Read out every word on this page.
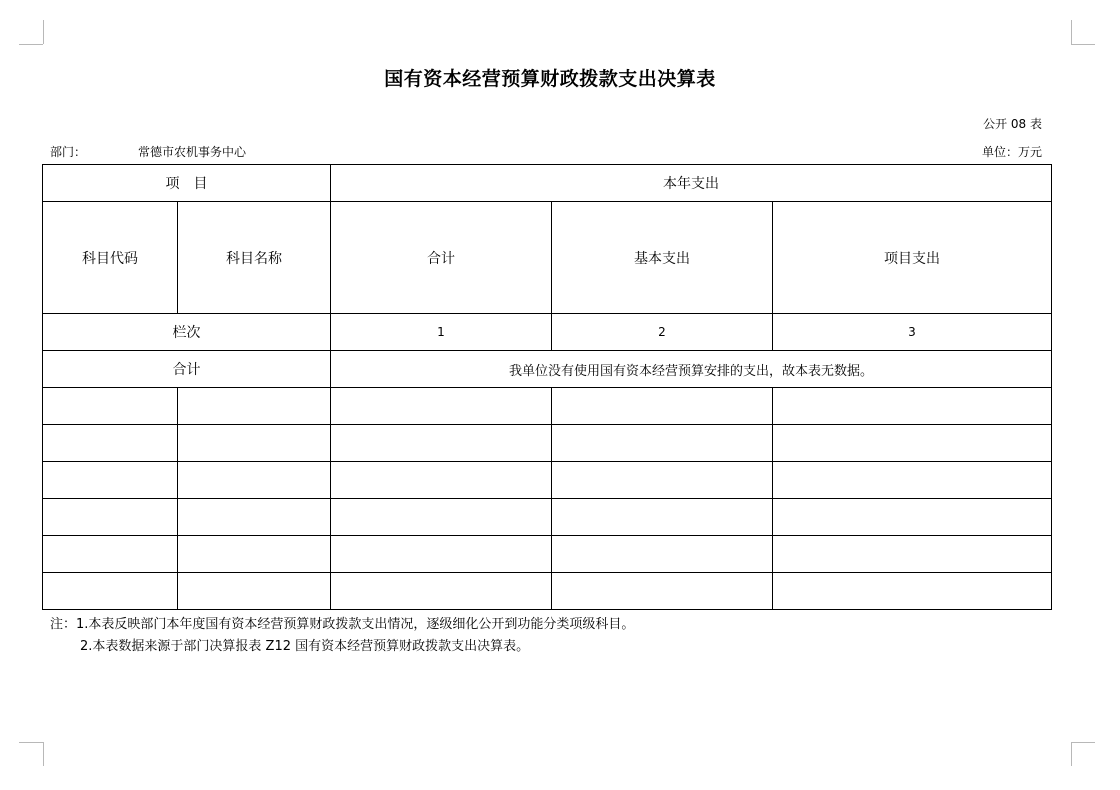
国有资本经营预算财政拨款支出决算表
公开 08 表
部门：	常德市农机事务中心	单位：万元
项　目		本年支出		
科目代码	科目名称	合计	基本支出	项目支出
栏次		1	2	3
合计		我单位没有使用国有资本经营预算安排的支出，故本表无数据。		

注：1.本表反映部门本年度国有资本经营预算财政拨款支出情况，逐级细化公开到功能分类项级科目。
2.本表数据来源于部门决算报表 Z12 国有资本经营预算财政拨款支出决算表。
